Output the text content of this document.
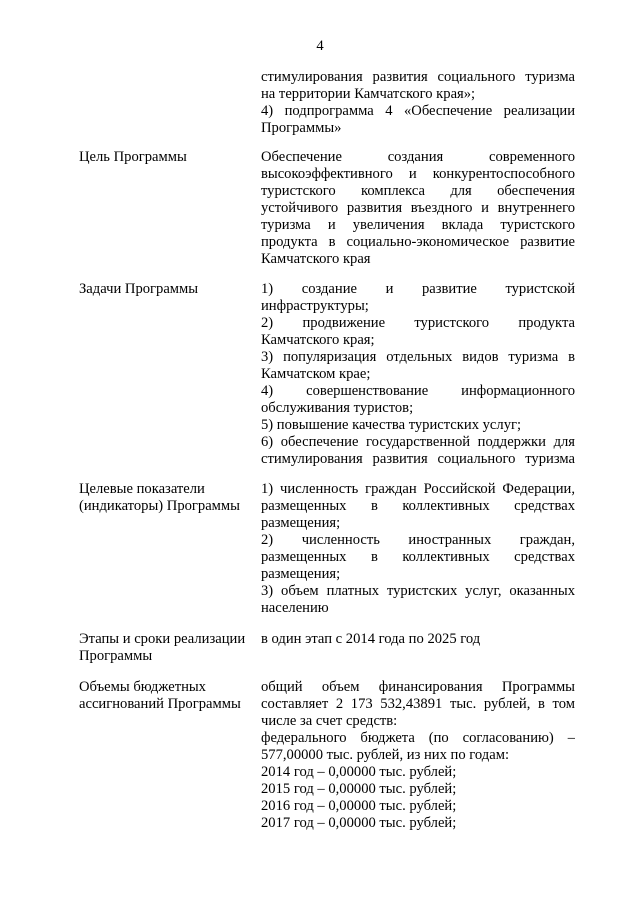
4
стимулирования развития социального туризма
на территории Камчатского края»;
4) подпрограмма 4 «Обеспечение реализации
Программы»
Цель Программы	Обеспечение создания современного
высокоэффективного и конкурентоспособного
туристского комплекса для обеспечения
устойчивого развития въездного и внутреннего
туризма и увеличения вклада туристского
продукта в социально-экономическое развитие
Камчатского края
Задачи Программы	1) создание и развитие туристской
инфраструктуры;
2) продвижение туристского продукта
Камчатского края;
3) популяризация отдельных видов туризма в
Камчатском крае;
4) совершенствование информационного
обслуживания туристов;
5) повышение качества туристских услуг;
6) обеспечение государственной поддержки для
стимулирования развития социального туризма
Целевые показатели
(индикаторы) Программы
1) численность граждан Российской Федерации,
размещенных в коллективных средствах
размещения;
2) численность иностранных граждан,
размещенных в коллективных средствах
размещения;
3) объем платных туристских услуг, оказанных
населению
Этапы и сроки реализации
Программы
в один этап с 2014 года по 2025 год
Объемы бюджетных
ассигнований Программы
общий объем финансирования Программы
составляет 2 173 532,43891 тыс. рублей, в том
числе за счет средств:
федерального бюджета (по согласованию) –
577,00000 тыс. рублей, из них по годам:
2014 год – 0,00000 тыс. рублей;
2015 год – 0,00000 тыс. рублей;
2016 год – 0,00000 тыс. рублей;
2017 год – 0,00000 тыс. рублей;
